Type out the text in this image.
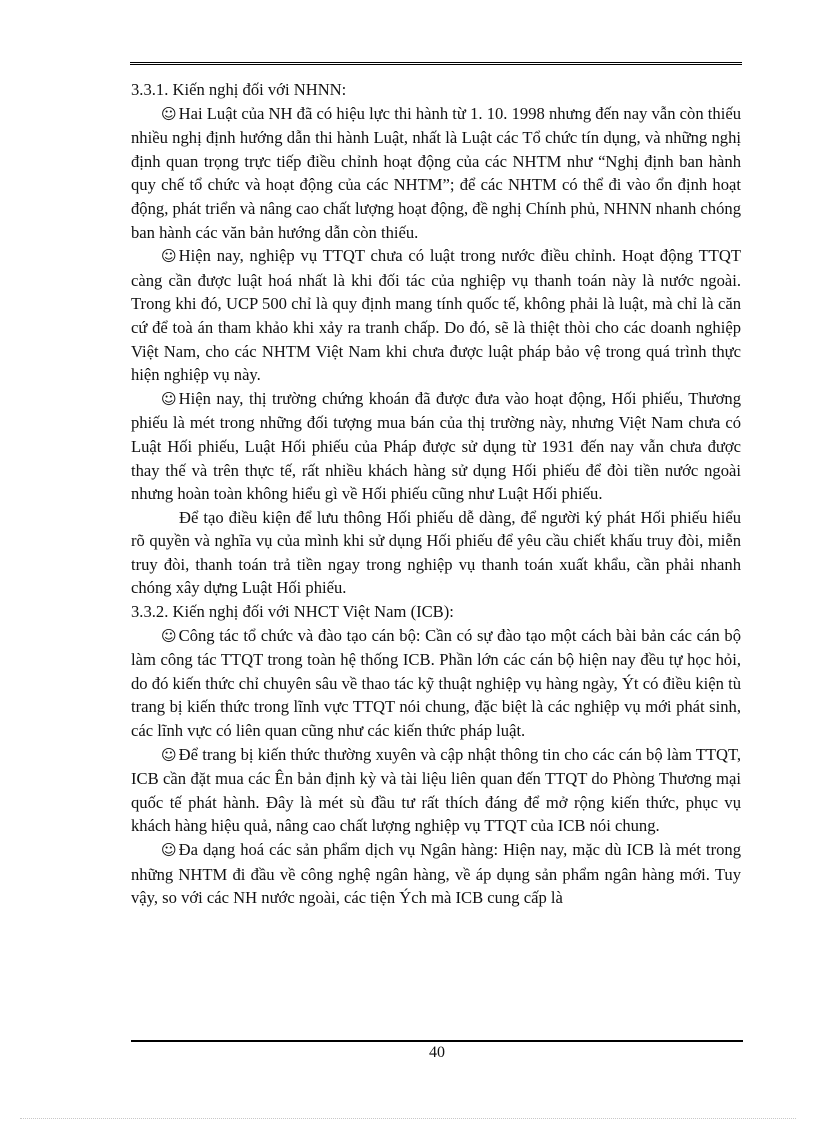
3.3.1. Kiến nghị đối với NHNN:

☺ Hai Luật của NH đã có hiệu lực thi hành từ 1. 10. 1998 nhưng đến nay vẫn còn thiếu nhiều nghị định hướng dẫn thi hành Luật, nhất là Luật các Tổ chức tín dụng, và những nghị định quan trọng trực tiếp điều chỉnh hoạt động của các NHTM như “Nghị định ban hành quy chế tổ chức và hoạt động của các NHTM”; để các NHTM có thể đi vào ổn định hoạt động, phát triển và nâng cao chất lượng hoạt động, đề nghị Chính phủ, NHNN nhanh chóng ban hành các văn bản hướng dẫn còn thiếu.

☺ Hiện nay, nghiệp vụ TTQT chưa có luật trong nước điều chỉnh. Hoạt động TTQT càng cần được luật hoá nhất là khi đối tác của nghiệp vụ thanh toán này là nước ngoài. Trong khi đó, UCP 500 chỉ là quy định mang tính quốc tế, không phải là luật, mà chỉ là căn cứ để toà án tham khảo khi xảy ra tranh chấp. Do đó, sẽ là thiệt thòi cho các doanh nghiệp Việt Nam, cho các NHTM Việt Nam khi chưa được luật pháp bảo vệ trong quá trình thực hiện nghiệp vụ này.

☺ Hiện nay, thị trường chứng khoán đã được đưa vào hoạt động, Hối phiếu, Thương phiếu là mét trong những đối tượng mua bán của thị trường này, nhưng Việt Nam chưa có Luật Hối phiếu, Luật Hối phiếu của Pháp được sử dụng từ 1931 đến nay vẫn chưa được thay thế và trên thực tế, rất nhiều khách hàng sử dụng Hối phiếu để đòi tiền nước ngoài nhưng hoàn toàn không hiểu gì về Hối phiếu cũng như Luật Hối phiếu.

Để tạo điều kiện để lưu thông Hối phiếu dễ dàng, để người ký phát Hối phiếu hiểu rõ quyền và nghĩa vụ của mình khi sử dụng Hối phiếu để yêu cầu chiết khấu truy đòi, miễn truy đòi, thanh toán trả tiền ngay trong nghiệp vụ thanh toán xuất khẩu, cần phải nhanh chóng xây dựng Luật Hối phiếu.

3.3.2. Kiến nghị đối với NHCT Việt Nam (ICB):

☺ Công tác tổ chức và đào tạo cán bộ: Cần có sự đào tạo một cách bài bản các cán bộ làm công tác TTQT trong toàn hệ thống ICB. Phần lớn các cán bộ hiện nay đều tự học hỏi, do đó kiến thức chỉ chuyên sâu về thao tác kỹ thuật nghiệp vụ hàng ngày, Ýt có điều kiện tù trang bị kiến thức trong lĩnh vực TTQT nói chung, đặc biệt là các nghiệp vụ mới phát sinh, các lĩnh vực có liên quan cũng như các kiến thức pháp luật.

☺ Để trang bị kiến thức thường xuyên và cập nhật thông tin cho các cán bộ làm TTQT, ICB cần đặt mua các Ên bản định kỳ và tài liệu liên quan đến TTQT do Phòng Thương mại quốc tế phát hành. Đây là mét sù đầu tư rất thích đáng để mở rộng kiến thức, phục vụ khách hàng hiệu quả, nâng cao chất lượng nghiệp vụ TTQT của ICB nói chung.

☺ Đa dạng hoá các sản phẩm dịch vụ Ngân hàng: Hiện nay, mặc dù ICB là mét trong những NHTM đi đầu về công nghệ ngân hàng, về áp dụng sản phẩm ngân hàng mới. Tuy vậy, so với các NH nước ngoài, các tiện Ých mà ICB cung cấp là

40
